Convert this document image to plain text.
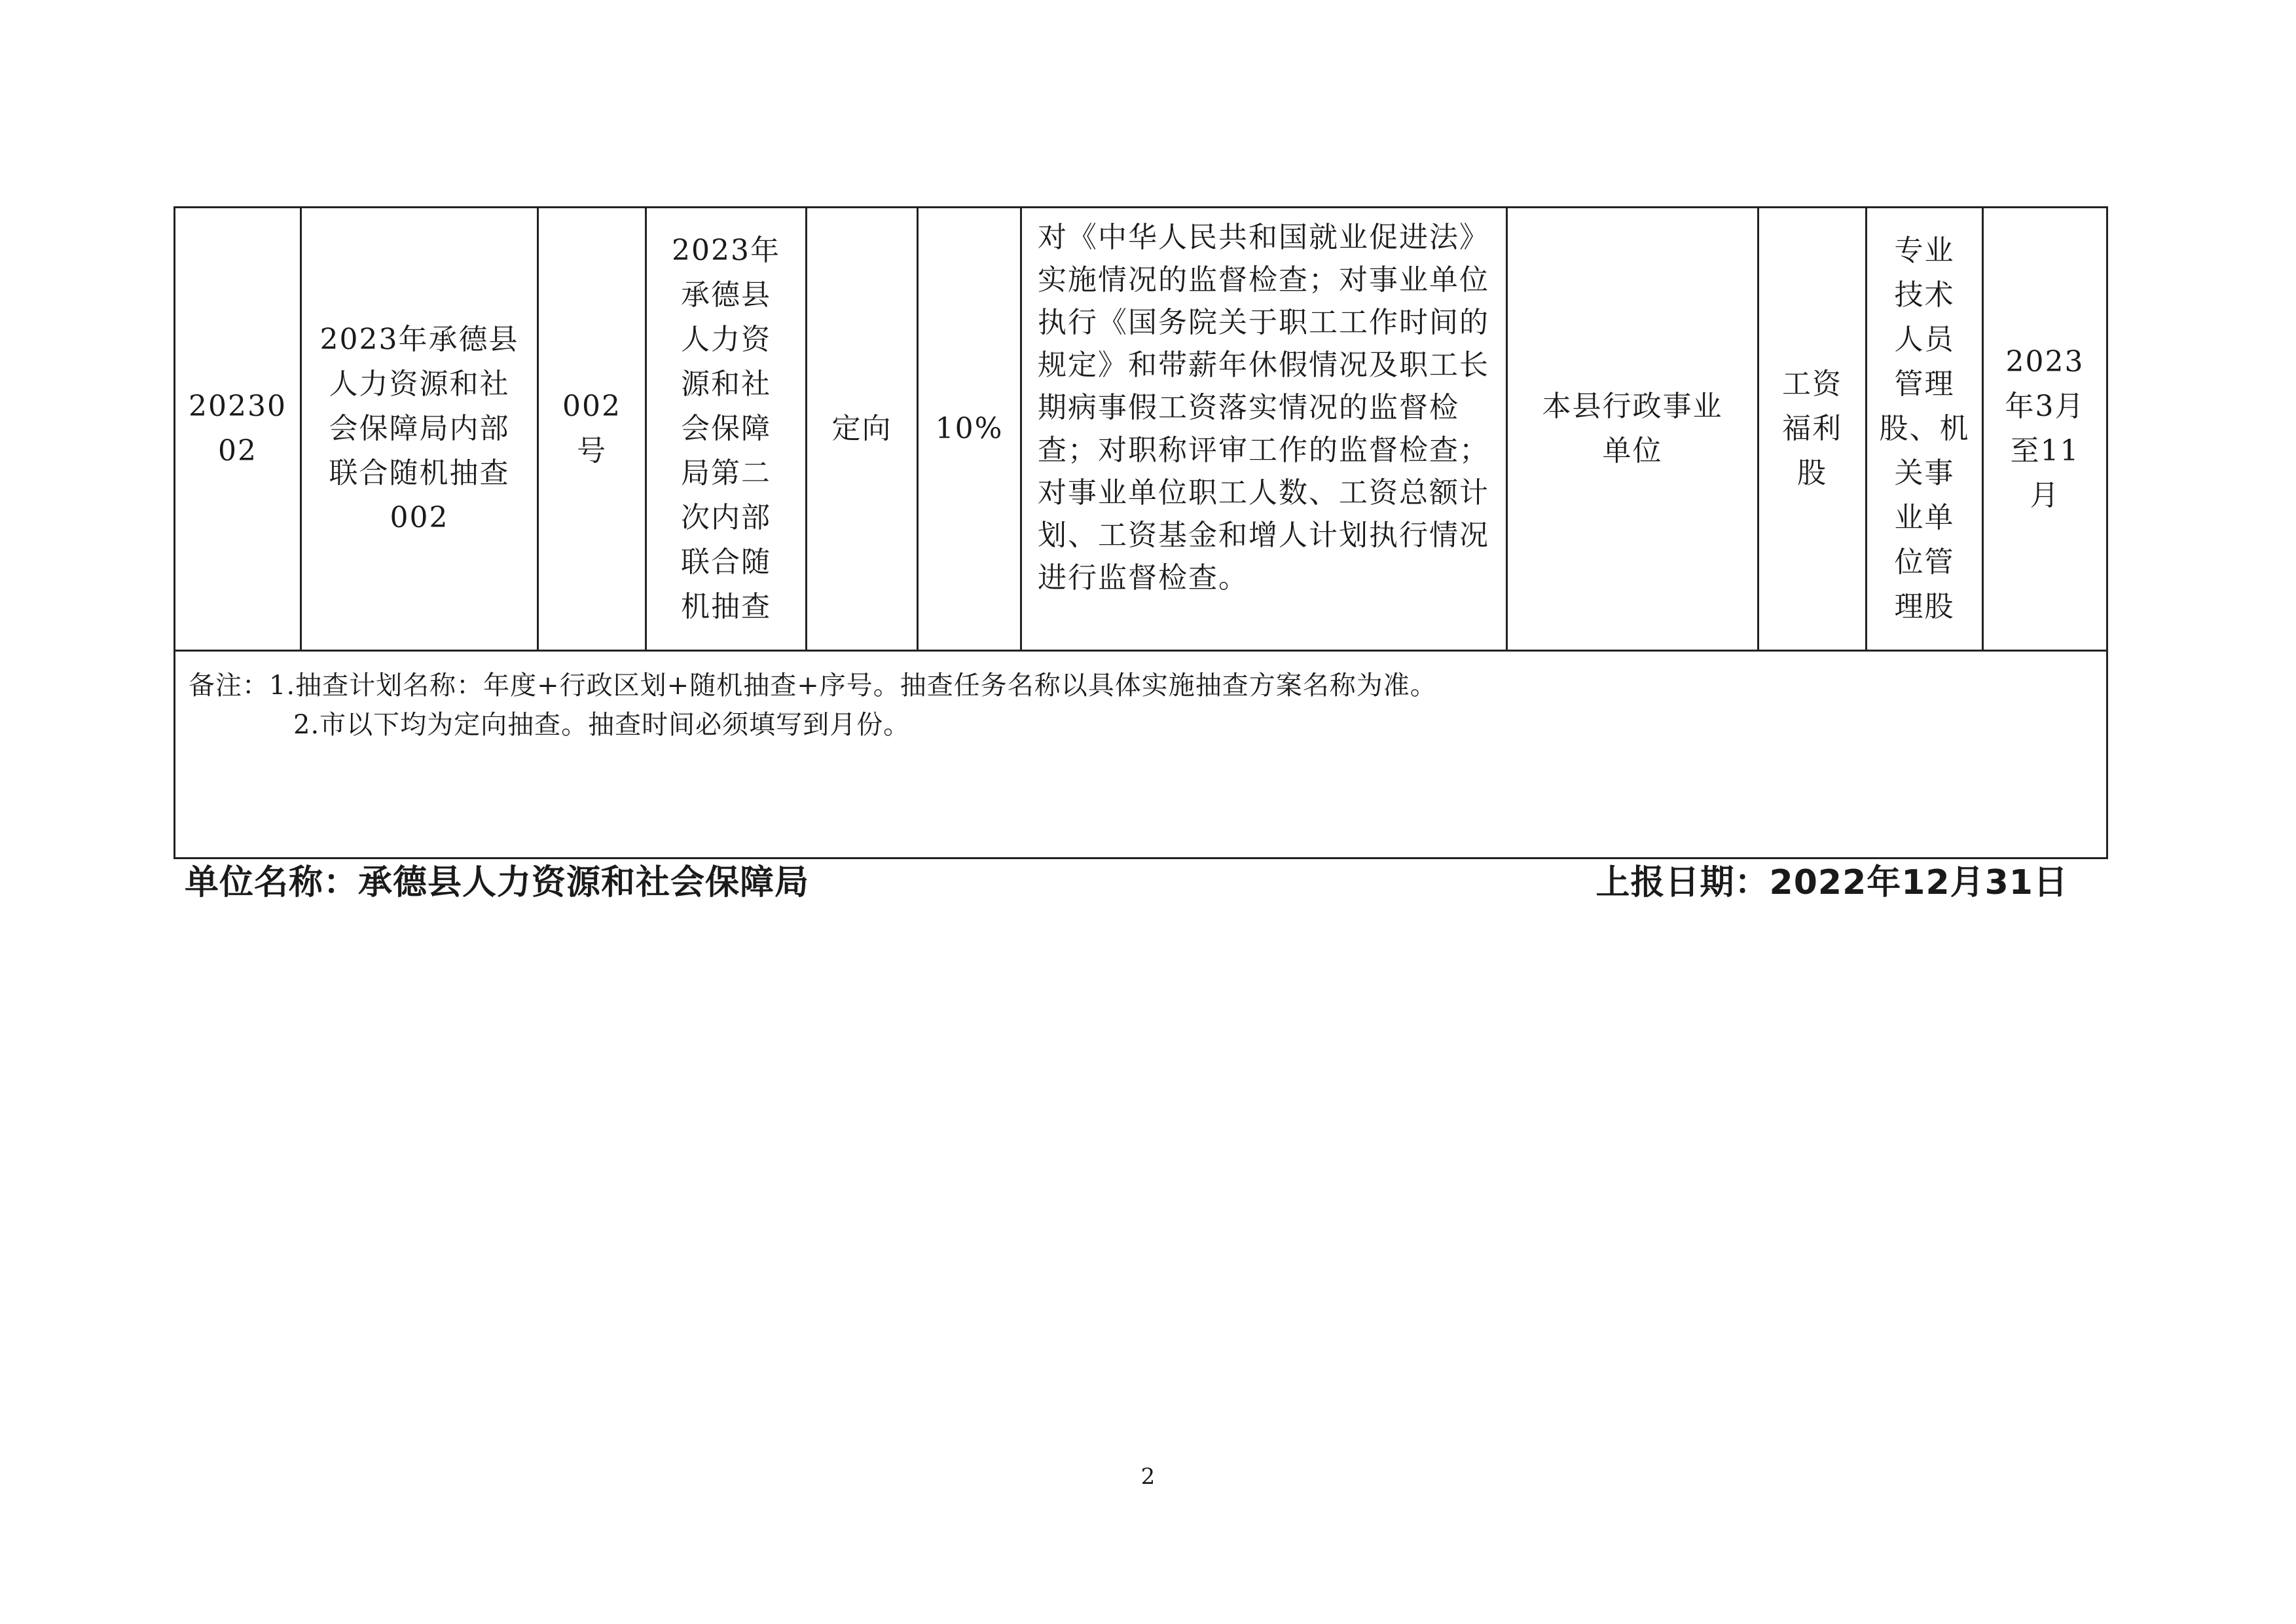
20230
02	2023年承德县
人力资源和社
会保障局内部
联合随机抽查
002	002
号	2023年
承德县
人力资
源和社
会保障
局第二
次内部
联合随
机抽查	定向	10%	对《中华人民共和国就业促进法》实施情况的监督检查；对事业单位执行《国务院关于职工工作时间的规定》和带薪年休假情况及职工长期病事假工资落实情况的监督检查；对职称评审工作的监督检查；对事业单位职工人数、工资总额计划、工资基金和增人计划执行情况进行监督检查。	本县行政事业
单位	工资
福利
股	专业
技术
人员
管理
股、机
关事
业单
位管
理股	2023
年3月
至11
月

备注：1.抽查计划名称：年度+行政区划+随机抽查+序号。抽查任务名称以具体实施抽查方案名称为准。
2.市以下均为定向抽查。抽查时间必须填写到月份。
单位名称：承德县人力资源和社会保障局	上报日期：2022年12月31日
2
